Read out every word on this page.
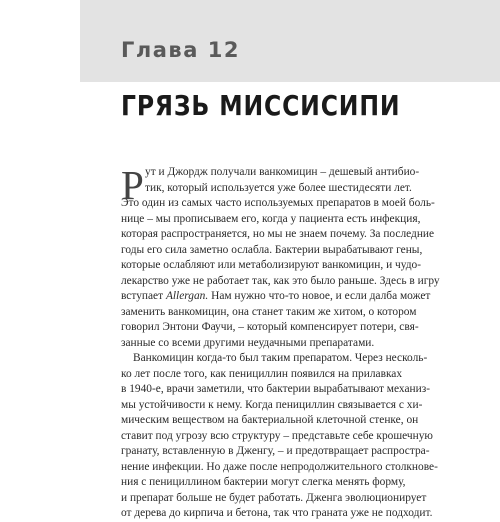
Глава 12
ГРЯЗЬ МИССИСИПИ
Р ут и Джордж получали ванкомицин – дешевый антибио-
тик, который используется уже более шестидесяти лет.
Это один из самых часто используемых препаратов в моей боль-
нице – мы прописываем его, когда у пациента есть инфекция,
которая распространяется, но мы не знаем почему. За последние
годы его сила заметно ослабла. Бактерии вырабатывают гены,
которые ослабляют или метаболизируют ванкомицин, и чудо-
лекарство уже не работает так, как это было раньше. Здесь в игру
вступает Allergan. Нам нужно что-то новое, и если далба может
заменить ванкомицин, она станет таким же хитом, о котором
говорил Энтони Фаучи, – который компенсирует потери, свя-
занные со всеми другими неудачными препаратами.
Ванкомицин когда-то был таким препаратом. Через несколь-
ко лет после того, как пенициллин появился на прилавках
в 1940-е, врачи заметили, что бактерии вырабатывают механиз-
мы устойчивости к нему. Когда пенициллин связывается с хи-
мическим веществом на бактериальной клеточной стенке, он
ставит под угрозу всю структуру – представьте себе крошечную
гранату, вставленную в Дженгу, – и предотвращает распростра-
нение инфекции. Но даже после непродолжительного столкнове-
ния с пенициллином бактерии могут слегка менять форму,
и препарат больше не будет работать. Дженга эволюционирует
от дерева до кирпича и бетона, так что граната уже не подходит.
